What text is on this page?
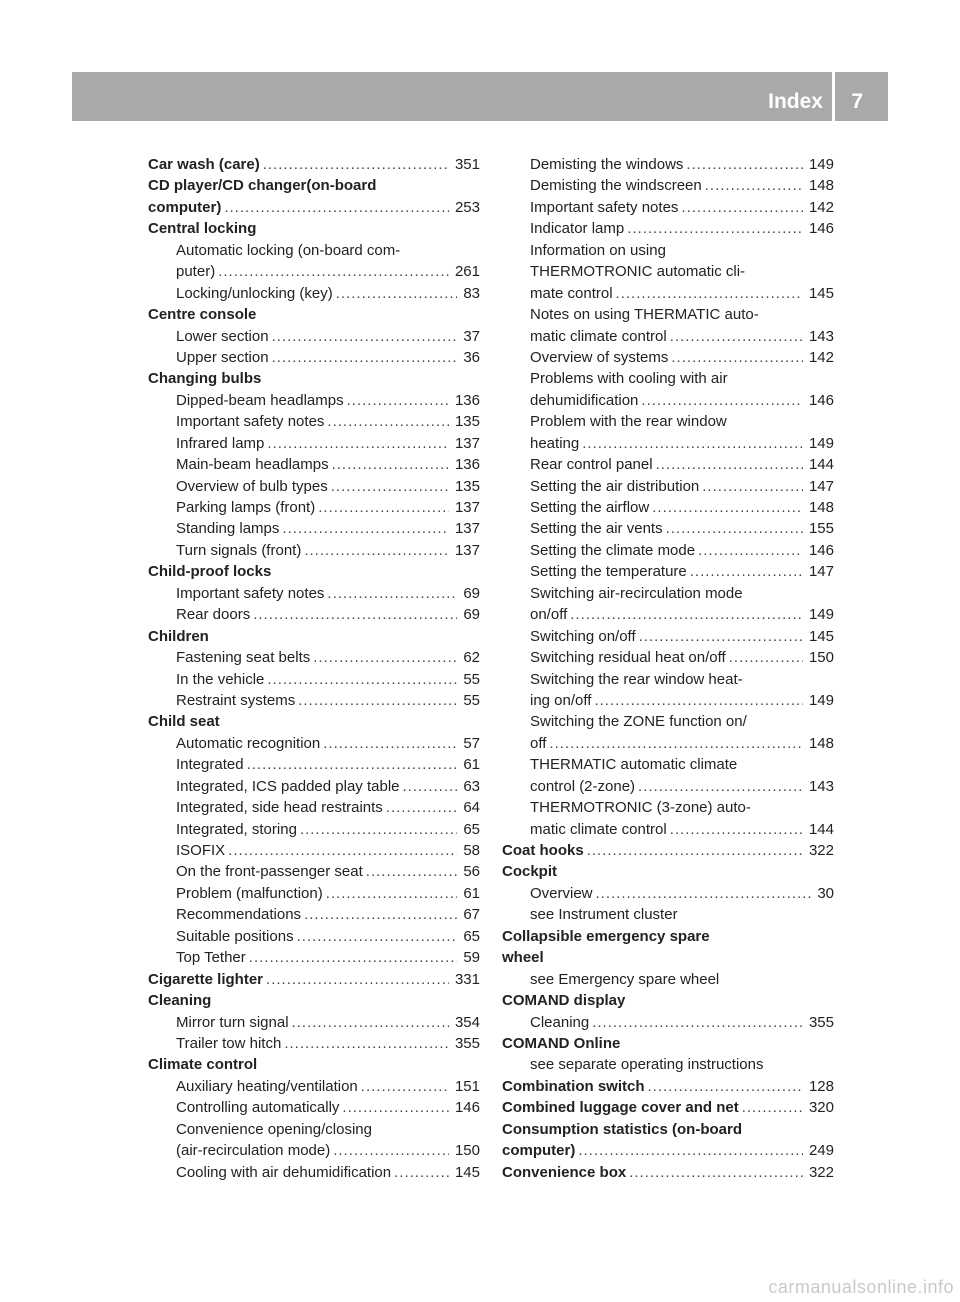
Index 7
Car wash (care) .....	351
CD player/CD changer(on-board
computer) .....	253
Central locking
Automatic locking (on-board com-
puter) .....	261
Locking/unlocking (key) .....	83
Centre console
Lower section .....	37
Upper section .....	36
Changing bulbs
Dipped-beam headlamps .....	136
Important safety notes .....	135
Infrared lamp .....	137
Main-beam headlamps .....	136
Overview of bulb types .....	135
Parking lamps (front) .....	137
Standing lamps .....	137
Turn signals (front) .....	137
Child-proof locks
Important safety notes .....	69
Rear doors .....	69
Children
Fastening seat belts .....	62
In the vehicle .....	55
Restraint systems .....	55
Child seat
Automatic recognition .....	57
Integrated .....	61
Integrated, ICS padded play table .....	63
Integrated, side head restraints .....	64
Integrated, storing .....	65
ISOFIX .....	58
On the front-passenger seat .....	56
Problem (malfunction) .....	61
Recommendations .....	67
Suitable positions .....	65
Top Tether .....	59
Cigarette lighter .....	331
Cleaning
Mirror turn signal .....	354
Trailer tow hitch .....	355
Climate control
Auxiliary heating/ventilation .....	151
Controlling automatically .....	146
Convenience opening/closing
(air-recirculation mode) .....	150
Cooling with air dehumidification .....	145
Demisting the windows .....	149
Demisting the windscreen .....	148
Important safety notes .....	142
Indicator lamp .....	146
Information on using
THERMOTRONIC automatic cli-
mate control .....	145
Notes on using THERMATIC auto-
matic climate control .....	143
Overview of systems .....	142
Problems with cooling with air
dehumidification .....	146
Problem with the rear window
heating .....	149
Rear control panel .....	144
Setting the air distribution .....	147
Setting the airflow .....	148
Setting the air vents .....	155
Setting the climate mode .....	146
Setting the temperature .....	147
Switching air-recirculation mode
on/off .....	149
Switching on/off .....	145
Switching residual heat on/off .....	150
Switching the rear window heat-
ing on/off .....	149
Switching the ZONE function on/
off .....	148
THERMATIC automatic climate
control (2-zone) .....	143
THERMOTRONIC (3-zone) auto-
matic climate control .....	144
Coat hooks .....	322
Cockpit
Overview .....	30
see Instrument cluster
Collapsible emergency spare
wheel
see Emergency spare wheel
COMAND display
Cleaning .....	355
COMAND Online
see separate operating instructions
Combination switch .....	128
Combined luggage cover and net .....	320
Consumption statistics (on-board
computer) .....	249
Convenience box .....	322
carmanualsonline.info
